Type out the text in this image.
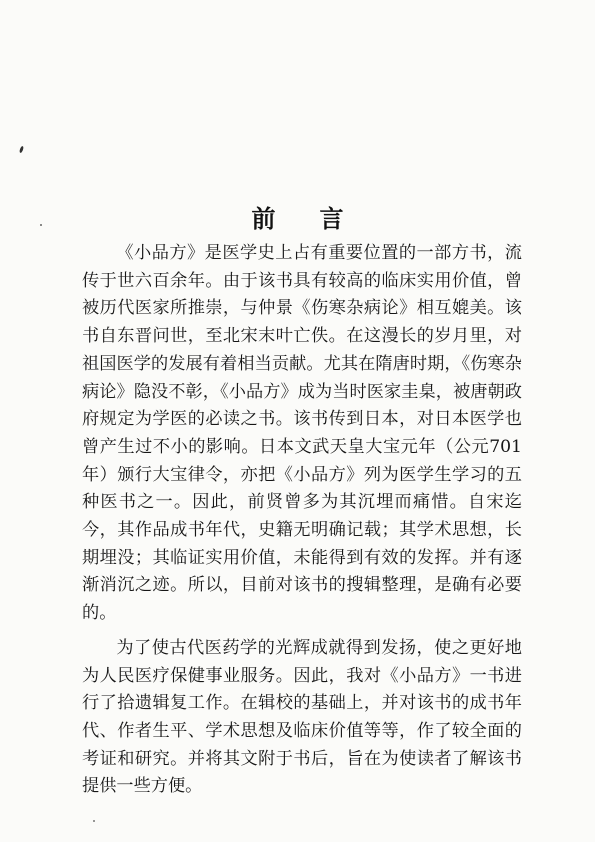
前言

《小品方》是医学史上占有重要位置的一部方书，流传于世六百余年。由于该书具有较高的临床实用价值，曾被历代医家所推崇，与仲景《伤寒杂病论》相互媲美。该书自东晋问世，至北宋末叶亡佚。在这漫长的岁月里，对祖国医学的发展有着相当贡献。尤其在隋唐时期，《伤寒杂病论》隐没不彰，《小品方》成为当时医家圭臬，被唐朝政府规定为学医的必读之书。该书传到日本，对日本医学也曾产生过不小的影响。日本文武天皇大宝元年（公元701年）颁行大宝律令，亦把《小品方》列为医学生学习的五种医书之一。因此，前贤曾多为其沉埋而痛惜。自宋迄今，其作品成书年代，史籍无明确记载；其学术思想，长期埋没；其临证实用价值，未能得到有效的发挥。并有逐渐消沉之迹。所以，目前对该书的搜辑整理，是确有必要的。

为了使古代医药学的光辉成就得到发扬，使之更好地为人民医疗保健事业服务。因此，我对《小品方》一书进行了拾遗辑复工作。在辑校的基础上，并对该书的成书年代、作者生平、学术思想及临床价值等等，作了较全面的考证和研究。并将其文附于书后，旨在为使读者了解该书提供一些方便。
